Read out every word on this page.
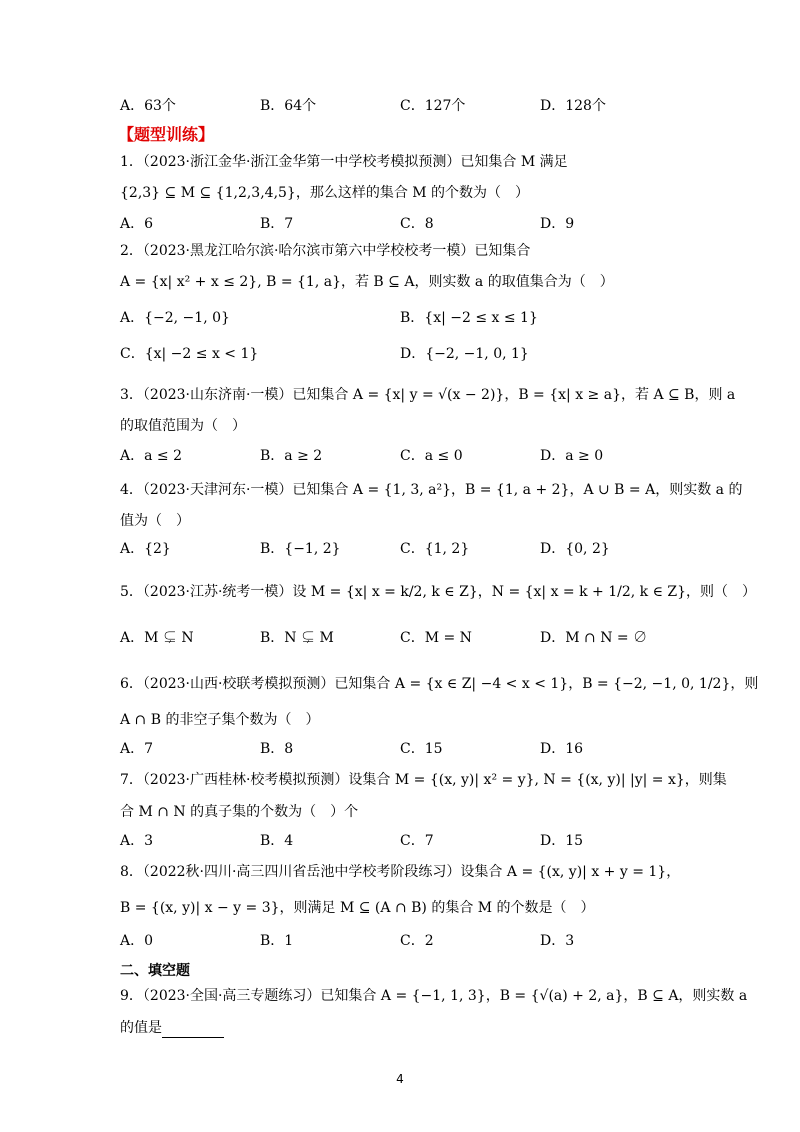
A．63个	B．64个	C．127个	D．128个
【题型训练】
1．（2023·浙江金华·浙江金华第一中学校考模拟预测）已知集合 M 满足
{2,3} ⊆ M ⊆ {1,2,3,4,5}，那么这样的集合 M 的个数为（　）
A．6	B．7	C．8	D．9
2．（2023·黑龙江哈尔滨·哈尔滨市第六中学校校考一模）已知集合
A = {x| x² + x ≤ 2}, B = {1, a}，若 B ⊆ A，则实数 a 的取值集合为（　）
A．{−2, −1, 0}	B．{x| −2 ≤ x ≤ 1}
C．{x| −2 ≤ x < 1}	D．{−2, −1, 0, 1}
3．（2023·山东济南·一模）已知集合 A = {x| y = √(x − 2)}，B = {x| x ≥ a}，若 A ⊆ B，则 a
的取值范围为（　）
A．a ≤ 2	B．a ≥ 2	C．a ≤ 0	D．a ≥ 0
4．（2023·天津河东·一模）已知集合 A = {1, 3, a²}，B = {1, a + 2}，A ∪ B = A，则实数 a 的
值为（　）
A．{2}	B．{−1, 2}	C．{1, 2}	D．{0, 2}
5．（2023·江苏·统考一模）设 M = {x| x = k/2, k ∈ Z}，N = {x| x = k + 1/2, k ∈ Z}，则（　）
A．M ⊊ N	B．N ⊊ M	C．M = N	D．M ∩ N = ∅
6．（2023·山西·校联考模拟预测）已知集合 A = {x ∈ Z| −4 < x < 1}，B = {−2, −1, 0, 1/2}，则
A ∩ B 的非空子集个数为（　）
A．7	B．8	C．15	D．16
7．（2023·广西桂林·校考模拟预测）设集合 M = {(x, y)| x² = y}, N = {(x, y)| |y| = x}，则集
合 M ∩ N 的真子集的个数为（　）个
A．3	B．4	C．7	D．15
8．（2022秋·四川·高三四川省岳池中学校考阶段练习）设集合 A = {(x, y)| x + y = 1}，
B = {(x, y)| x − y = 3}，则满足 M ⊆ (A ∩ B) 的集合 M 的个数是（　）
A．0	B．1	C．2	D．3
二、填空题
9．（2023·全国·高三专题练习）已知集合 A = {−1, 1, 3}，B = {√(a) + 2, a}，B ⊆ A，则实数 a
的值是
4
